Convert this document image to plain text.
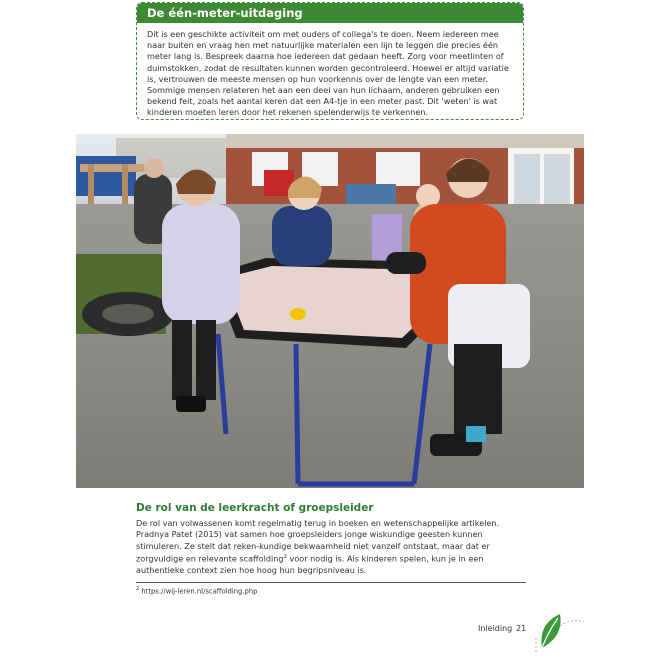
De één-meter-uitdaging
Dit is een geschikte activiteit om met ouders of collega's te doen. Neem iedereen mee naar buiten en vraag hen met natuurlijke materialen een lijn te leggen die precies één meter lang is. Bespreek daarna hoe iedereen dat gedaan heeft. Zorg voor meetlinten of duimstokken, zodat de resultaten kunnen worden gecontroleerd. Hoewel er altijd variatie is, vertrouwen de meeste mensen op hun voorkennis over de lengte van een meter. Sommige mensen relateren het aan een deel van hun lichaam, anderen gebruiken een bekend feit, zoals het aantal keren dat een A4-tje in een meter past. Dit 'weten' is wat kinderen moeten leren door het rekenen spelenderwijs te verkennen.
De rol van de leerkracht of groepsleider
De rol van volwassenen komt regelmatig terug in boeken en wetenschappelijke artikelen. Pradnya Patet (2015) vat samen hoe groepsleiders jonge wiskundige geesten kunnen stimuleren. Ze stelt dat reken-kundige bekwaamheid niet vanzelf ontstaat, maar dat er zorgvuldige en relevante scaffolding$^2$ voor nodig is. Als kinderen spelen, kun je in een authentieke context zien hoe hoog hun begripsniveau is.
$^2$ https://wij-leren.nl/scaffolding.php
Inleiding 21
